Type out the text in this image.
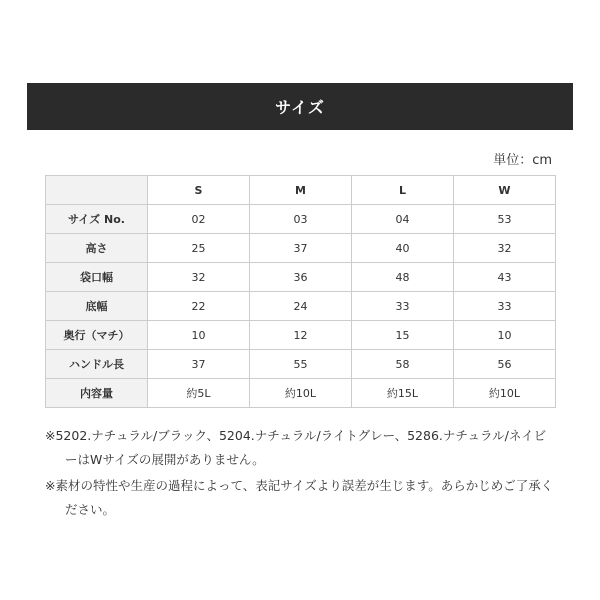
サイズ
単位：cm
	S	M	L	W
サイズ No.	02	03	04	53
高さ	25	37	40	32
袋口幅	32	36	48	43
底幅	22	24	33	33
奥行（マチ）	10	12	15	10
ハンドル長	37	55	58	56
内容量	約5L	約10L	約15L	約10L

※5202.ナチュラル/ブラック、5204.ナチュラル/ライトグレー、5286.ナチュラル/ネイビーはWサイズの展開がありません。

※素材の特性や生産の過程によって、表記サイズより誤差が生じます。あらかじめご了承ください。
